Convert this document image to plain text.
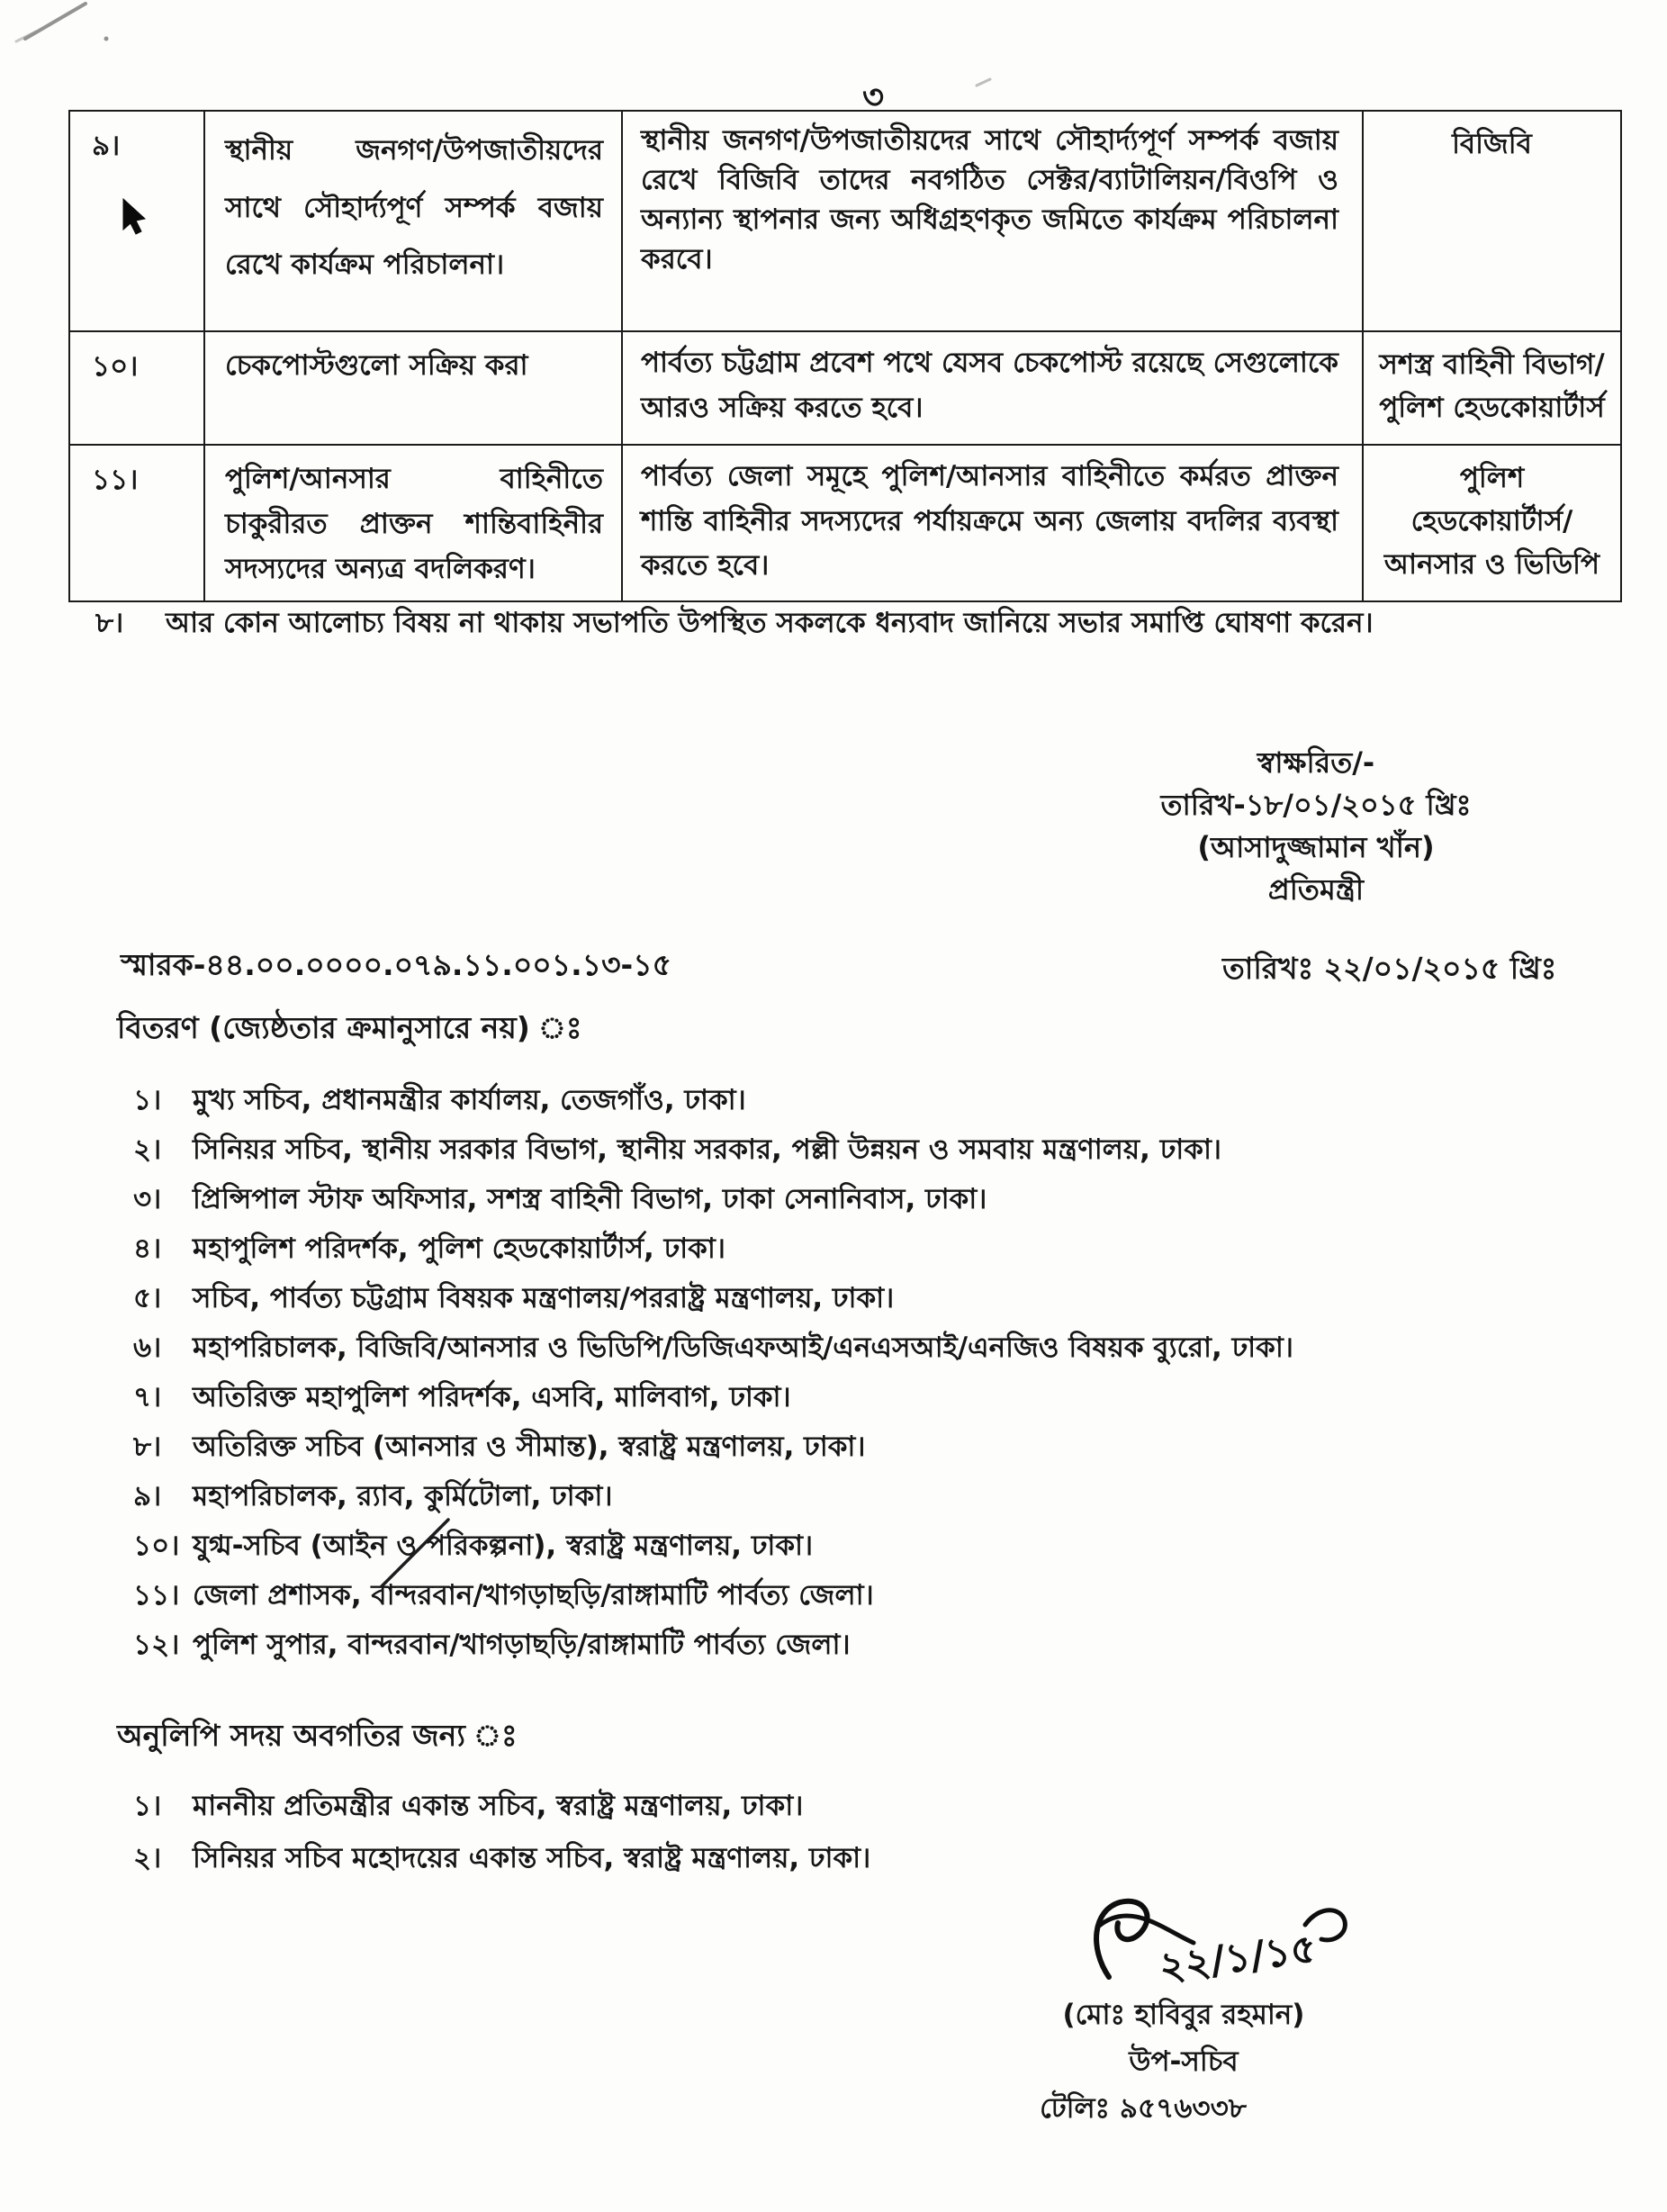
৩
৯।	স্থানীয় জনগণ/উপজাতীয়দের সাথে সৌহার্দ্যপূর্ণ সম্পর্ক বজায় রেখে কার্যক্রম পরিচালনা।	স্থানীয় জনগণ/উপজাতীয়দের সাথে সৌহার্দ্যপূর্ণ সম্পর্ক বজায় রেখে বিজিবি তাদের নবগঠিত সেক্টর/ব্যাটালিয়ন/বিওপি ও অন্যান্য স্থাপনার জন্য অধিগ্রহণকৃত জমিতে কার্যক্রম পরিচালনা করবে।	বিজিবি
১০।	চেকপোস্টগুলো সক্রিয় করা	পার্বত্য চট্টগ্রাম প্রবেশ পথে যেসব চেকপোস্ট রয়েছে সেগুলোকে আরও সক্রিয় করতে হবে।	সশস্ত্র বাহিনী বিভাগ/ পুলিশ হেডকোয়ার্টার্স
১১।	পুলিশ/আনসার বাহিনীতে চাকুরীরত প্রাক্তন শান্তিবাহিনীর সদস্যদের অন্যত্র বদলিকরণ।	পার্বত্য জেলা সমূহে পুলিশ/আনসার বাহিনীতে কর্মরত প্রাক্তন শান্তি বাহিনীর সদস্যদের পর্যায়ক্রমে অন্য জেলায় বদলির ব্যবস্থা করতে হবে।	পুলিশ হেডকোয়ার্টার্স/ আনসার ও ভিডিপি
৮।	আর কোন আলোচ্য বিষয় না থাকায় সভাপতি উপস্থিত সকলকে ধন্যবাদ জানিয়ে সভার সমাপ্তি ঘোষণা করেন।
স্বাক্ষরিত/-
তারিখ-১৮/০১/২০১৫ খ্রিঃ
(আসাদুজ্জামান খাঁন)
প্রতিমন্ত্রী
স্মারক-৪৪.০০.০০০০.০৭৯.১১.০০১.১৩-১৫	তারিখঃ ২২/০১/২০১৫ খ্রিঃ
বিতরণ (জ্যেষ্ঠতার ক্রমানুসারে নয়) ঃ
১।	মুখ্য সচিব, প্রধানমন্ত্রীর কার্যালয়, তেজগাঁও, ঢাকা।
২।	সিনিয়র সচিব, স্থানীয় সরকার বিভাগ, স্থানীয় সরকার, পল্লী উন্নয়ন ও সমবায় মন্ত্রণালয়, ঢাকা।
৩।	প্রিন্সিপাল স্টাফ অফিসার, সশস্ত্র বাহিনী বিভাগ, ঢাকা সেনানিবাস, ঢাকা।
৪।	মহাপুলিশ পরিদর্শক, পুলিশ হেডকোয়ার্টার্স, ঢাকা।
৫।	সচিব, পার্বত্য চট্টগ্রাম বিষয়ক মন্ত্রণালয়/পররাষ্ট্র মন্ত্রণালয়, ঢাকা।
৬।	মহাপরিচালক, বিজিবি/আনসার ও ভিডিপি/ডিজিএফআই/এনএসআই/এনজিও বিষয়ক ব্যুরো, ঢাকা।
৭।	অতিরিক্ত মহাপুলিশ পরিদর্শক, এসবি, মালিবাগ, ঢাকা।
৮।	অতিরিক্ত সচিব (আনসার ও সীমান্ত), স্বরাষ্ট্র মন্ত্রণালয়, ঢাকা।
৯।	মহাপরিচালক, র‍্যাব, কুর্মিটোলা, ঢাকা।
১০। যুগ্ম-সচিব (আইন ও পরিকল্পনা), স্বরাষ্ট্র মন্ত্রণালয়, ঢাকা।
১১। জেলা প্রশাসক, বান্দরবান/খাগড়াছড়ি/রাঙ্গামাটি পার্বত্য জেলা।
১২। পুলিশ সুপার, বান্দরবান/খাগড়াছড়ি/রাঙ্গামাটি পার্বত্য জেলা।
অনুলিপি সদয় অবগতির জন্য ঃ
১।	মাননীয় প্রতিমন্ত্রীর একান্ত সচিব, স্বরাষ্ট্র মন্ত্রণালয়, ঢাকা।
২।	সিনিয়র সচিব মহোদয়ের একান্ত সচিব, স্বরাষ্ট্র মন্ত্রণালয়, ঢাকা।
২২/১/১৫
(মোঃ হাবিবুর রহমান)
উপ-সচিব
টেলিঃ ৯৫৭৬৩৩৮
